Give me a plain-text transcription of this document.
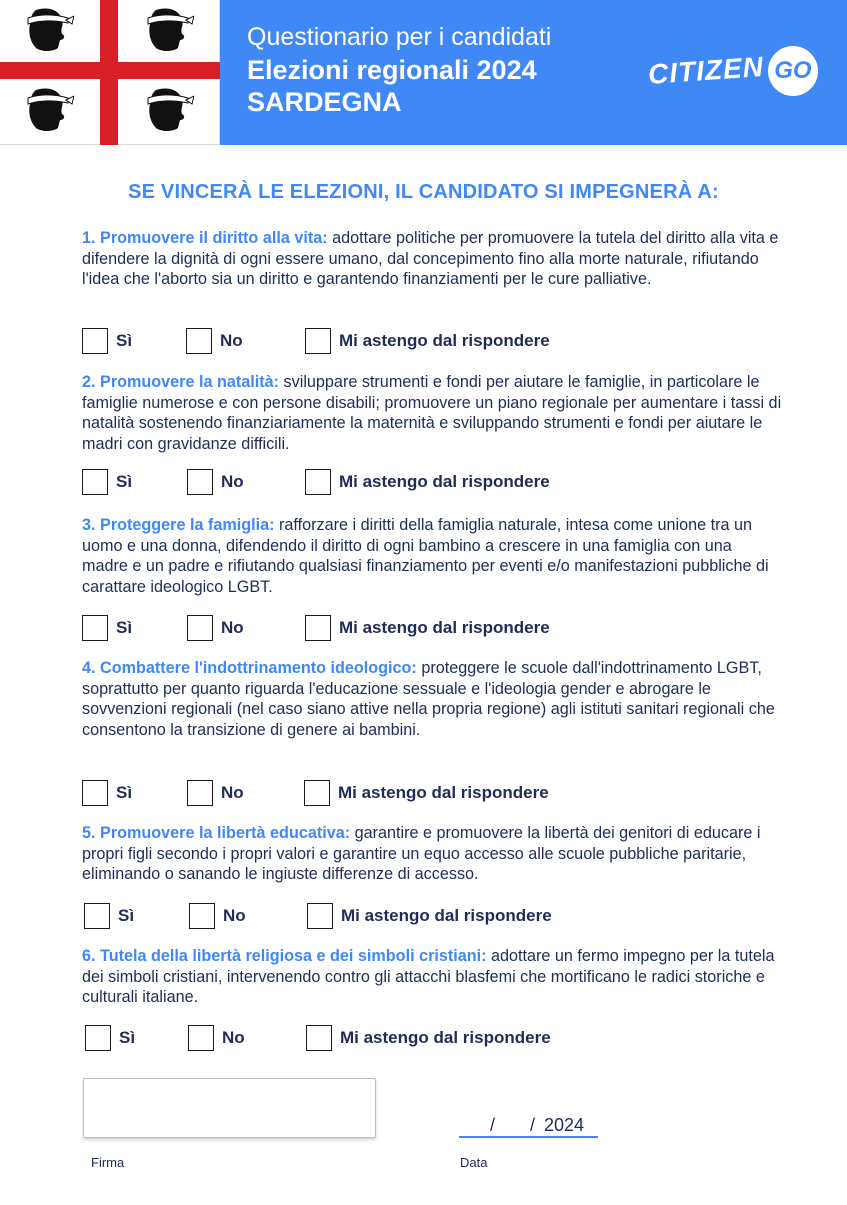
Questionario per i candidati
Elezioni regionali 2024
SARDEGNA
CITIZEN GO
SE VINCERÀ LE ELEZIONI, IL CANDIDATO SI IMPEGNERÀ A:
1. Promuovere il diritto alla vita: adottare politiche per promuovere la tutela del diritto alla vita e difendere la dignità di ogni essere umano, dal concepimento fino alla morte naturale, rifiutando l'idea che l'aborto sia un diritto e garantendo finanziamenti per le cure palliative.
Sì	No	Mi astengo dal rispondere
2. Promuovere la natalità: sviluppare strumenti e fondi per aiutare le famiglie, in particolare le famiglie numerose e con persone disabili; promuovere un piano regionale per aumentare i tassi di natalità sostenendo finanziariamente la maternità e sviluppando strumenti e fondi per aiutare le madri con gravidanze difficili.
Sì	No	Mi astengo dal rispondere
3. Proteggere la famiglia: rafforzare i diritti della famiglia naturale, intesa come unione tra un uomo e una donna, difendendo il diritto di ogni bambino a crescere in una famiglia con una madre e un padre e rifiutando qualsiasi finanziamento per eventi e/o manifestazioni pubbliche di carattare ideologico LGBT.
Sì	No	Mi astengo dal rispondere
4. Combattere l'indottrinamento ideologico: proteggere le scuole dall'indottrinamento LGBT, soprattutto per quanto riguarda l'educazione sessuale e l'ideologia gender e abrogare le sovvenzioni regionali (nel caso siano attive nella propria regione) agli istituti sanitari regionali che consentono la transizione di genere ai bambini.
Sì	No	Mi astengo dal rispondere
5. Promuovere la libertà educativa: garantire e promuovere la libertà dei genitori di educare i propri figli secondo i propri valori e garantire un equo accesso alle scuole pubbliche paritarie, eliminando o sanando le ingiuste differenze di accesso.
Sì	No	Mi astengo dal rispondere
6. Tutela della libertà religiosa e dei simboli cristiani: adottare un fermo impegno per la tutela dei simboli cristiani, intervenendo contro gli attacchi blasfemi che mortificano le radici storiche e culturali italiane.
Sì	No	Mi astengo dal rispondere
Firma
/ / 2024
Data
